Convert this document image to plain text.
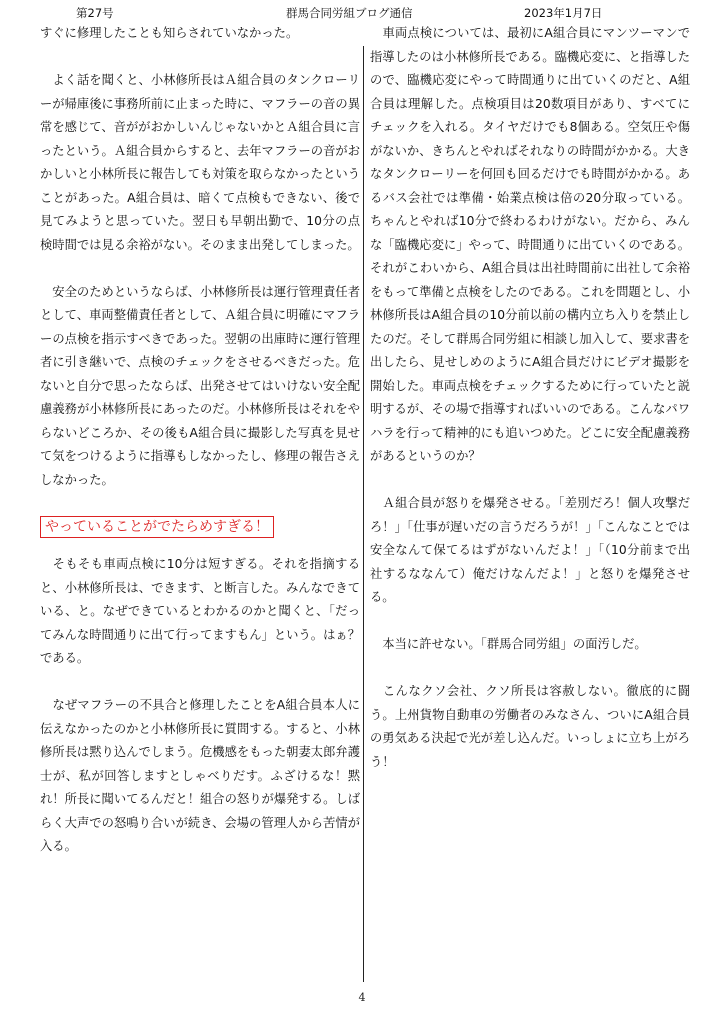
第27号	群馬合同労組ブログ通信	2023年1月7日

すぐに修理したことも知らされていなかった。

　よく話を聞くと、小林修所長はＡ組合員のタンクローリーが帰庫後に事務所前に止まった時に、マフラーの音の異常を感じて、音ががおかしいんじゃないかとＡ組合員に言ったという。Ａ組合員からすると、去年マフラーの音がおかしいと小林所長に報告しても対策を取らなかったということがあった。A組合員は、暗くて点検もできない、後で見てみようと思っていた。翌日も早朝出勤で、10分の点検時間では見る余裕がない。そのまま出発してしまった。

　安全のためというならば、小林修所長は運行管理責任者として、車両整備責任者として、Ａ組合員に明確にマフラーの点検を指示すべきであった。翌朝の出庫時に運行管理者に引き継いで、点検のチェックをさせるべきだった。危ないと自分で思ったならば、出発させてはいけない安全配慮義務が小林修所長にあったのだ。小林修所長はそれをやらないどころか、その後もA組合員に撮影した写真を見せて気をつけるように指導もしなかったし、修理の報告さえしなかった。

やっていることがでたらめすぎる！

　そもそも車両点検に10分は短すぎる。それを指摘すると、小林修所長は、できます、と断言した。みんなできている、と。なぜできているとわかるのかと聞くと、「だってみんな時間通りに出て行ってますもん」という。はぁ？である。

　なぜマフラーの不具合と修理したことをA組合員本人に伝えなかったのかと小林修所長に質問する。すると、小林修所長は黙り込んでしまう。危機感をもった朝妻太郎弁護士が、私が回答しますとしゃべりだす。ふざけるな！黙れ！所長に聞いてるんだと！組合の怒りが爆発する。しばらく大声での怒鳴り合いが続き、会場の管理人から苦情が入る。

　車両点検については、最初にA組合員にマンツーマンで指導したのは小林修所長である。臨機応変に、と指導したので、臨機応変にやって時間通りに出ていくのだと、A組合員は理解した。点検項目は20数項目があり、すべてにチェックを入れる。タイヤだけでも8個ある。空気圧や傷がないか、きちんとやればそれなりの時間がかかる。大きなタンクローリーを何回も回るだけでも時間がかかる。あるバス会社では準備・始業点検は倍の20分取っている。ちゃんとやれば10分で終わるわけがない。だから、みんな「臨機応変に」やって、時間通りに出ていくのである。それがこわいから、A組合員は出社時間前に出社して余裕をもって準備と点検をしたのである。これを問題とし、小林修所長はA組合員の10分前以前の構内立ち入りを禁止したのだ。そして群馬合同労組に相談し加入して、要求書を出したら、見せしめのようにA組合員だけにビデオ撮影を開始した。車両点検をチェックするために行っていたと説明するが、その場で指導すればいいのである。こんなパワハラを行って精神的にも追いつめた。どこに安全配慮義務があるというのか？

　Ａ組合員が怒りを爆発させる。「差別だろ！個人攻撃だろ！」「仕事が遅いだの言うだろうが！」「こんなことでは安全なんて保てるはずがないんだよ！」「（10分前まで出社するななんて）俺だけなんだよ！」と怒りを爆発させる。

　本当に許せない。「群馬合同労組」の面汚しだ。

　こんなクソ会社、クソ所長は容赦しない。徹底的に闘う。上州貨物自動車の労働者のみなさん、ついにA組合員の勇気ある決起で光が差し込んだ。いっしょに立ち上がろう！

4
